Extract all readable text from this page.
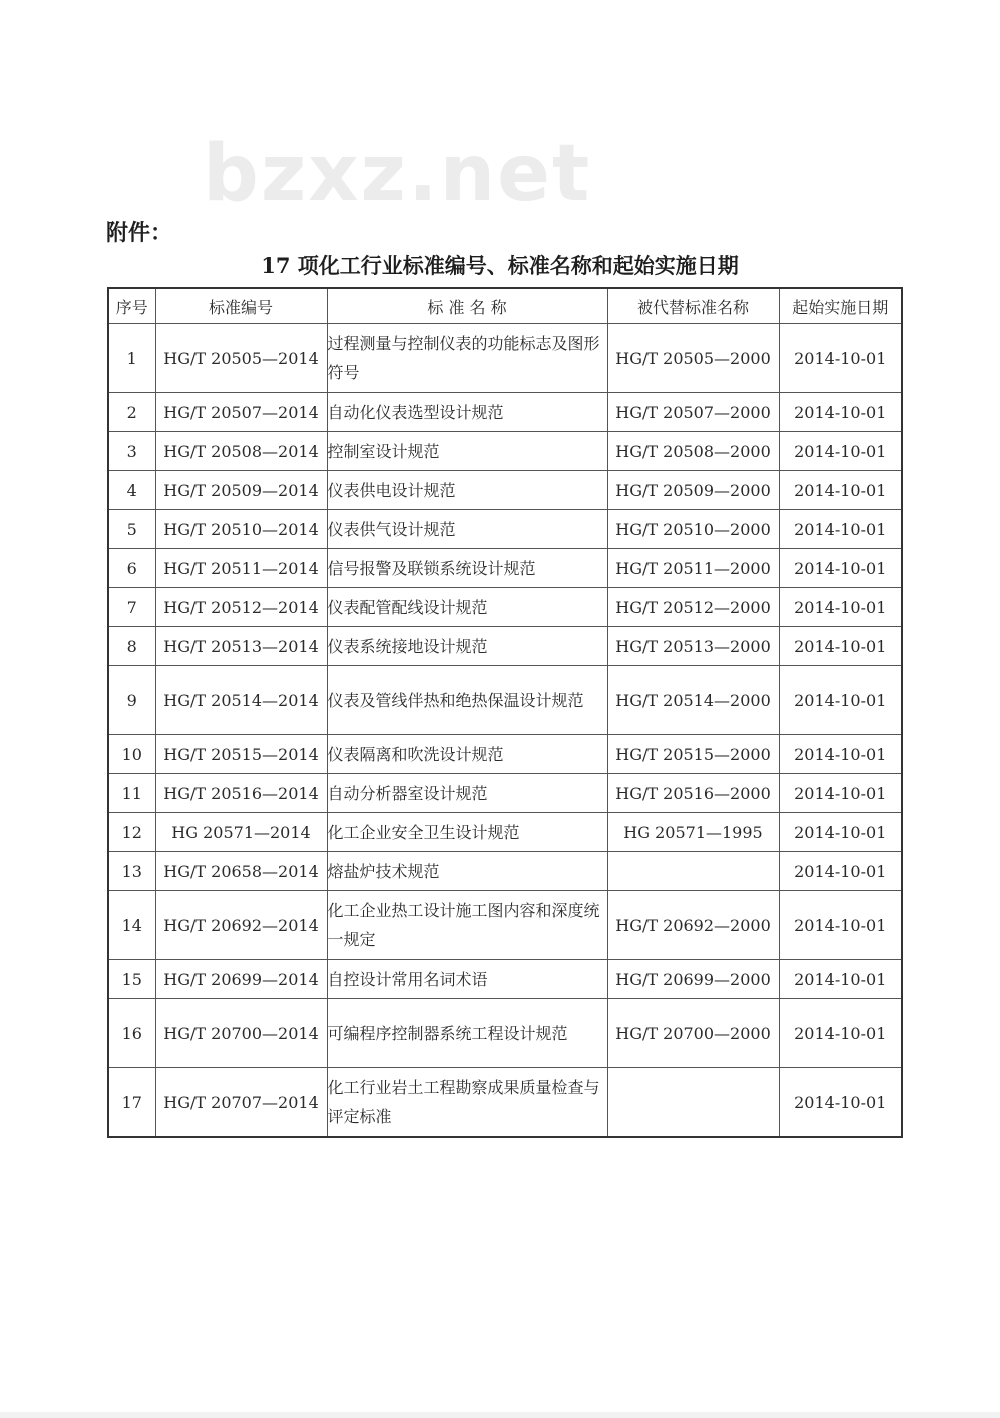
bzxz.net
附件：
17 项化工行业标准编号、标准名称和起始实施日期
序号	标准编号	标 准 名 称	被代替标准名称	起始实施日期
1	HG/T 20505—2014	过程测量与控制仪表的功能标志及图形符号	HG/T 20505—2000	2014-10-01
2	HG/T 20507—2014	自动化仪表选型设计规范	HG/T 20507—2000	2014-10-01
3	HG/T 20508—2014	控制室设计规范	HG/T 20508—2000	2014-10-01
4	HG/T 20509—2014	仪表供电设计规范	HG/T 20509—2000	2014-10-01
5	HG/T 20510—2014	仪表供气设计规范	HG/T 20510—2000	2014-10-01
6	HG/T 20511—2014	信号报警及联锁系统设计规范	HG/T 20511—2000	2014-10-01
7	HG/T 20512—2014	仪表配管配线设计规范	HG/T 20512—2000	2014-10-01
8	HG/T 20513—2014	仪表系统接地设计规范	HG/T 20513—2000	2014-10-01
9	HG/T 20514—2014	仪表及管线伴热和绝热保温设计规范	HG/T 20514—2000	2014-10-01
10	HG/T 20515—2014	仪表隔离和吹洗设计规范	HG/T 20515—2000	2014-10-01
11	HG/T 20516—2014	自动分析器室设计规范	HG/T 20516—2000	2014-10-01
12	HG 20571—2014	化工企业安全卫生设计规范	HG 20571—1995	2014-10-01
13	HG/T 20658—2014	熔盐炉技术规范		2014-10-01
14	HG/T 20692—2014	化工企业热工设计施工图内容和深度统一规定	HG/T 20692—2000	2014-10-01
15	HG/T 20699—2014	自控设计常用名词术语	HG/T 20699—2000	2014-10-01
16	HG/T 20700—2014	可编程序控制器系统工程设计规范	HG/T 20700—2000	2014-10-01
17	HG/T 20707—2014	化工行业岩土工程勘察成果质量检查与评定标准		2014-10-01
